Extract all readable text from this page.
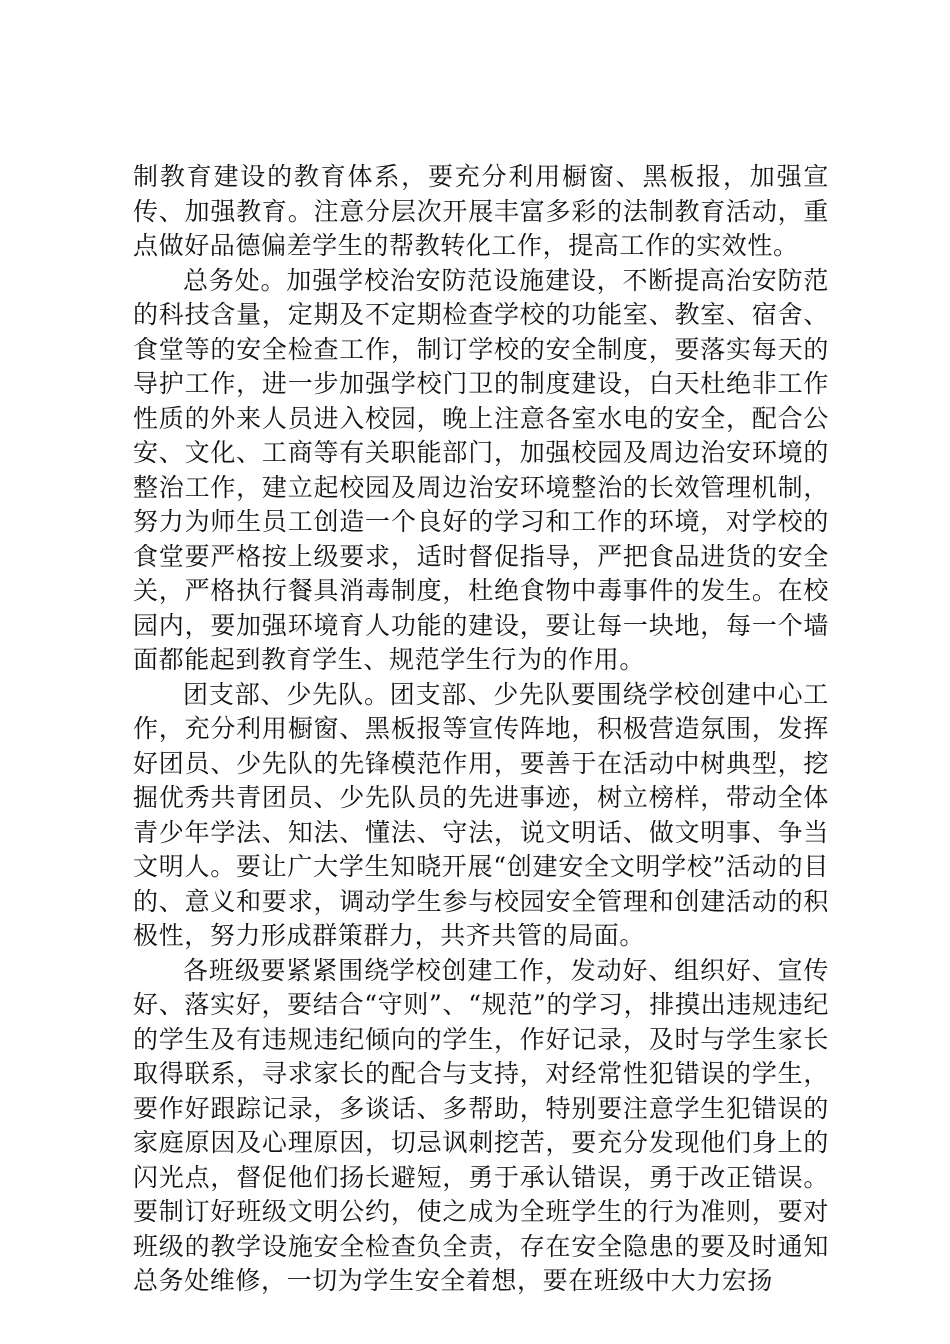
制教育建设的教育体系，要充分利用橱窗、黑板报，加强宣传、加强教育。注意分层次开展丰富多彩的法制教育活动，重点做好品德偏差学生的帮教转化工作，提高工作的实效性。

总务处。加强学校治安防范设施建设，不断提高治安防范的科技含量，定期及不定期检查学校的功能室、教室、宿舍、食堂等的安全检查工作，制订学校的安全制度，要落实每天的导护工作，进一步加强学校门卫的制度建设，白天杜绝非工作性质的外来人员进入校园，晚上注意各室水电的安全，配合公安、文化、工商等有关职能部门，加强校园及周边治安环境的整治工作，建立起校园及周边治安环境整治的长效管理机制，努力为师生员工创造一个良好的学习和工作的环境，对学校的食堂要严格按上级要求，适时督促指导，严把食品进货的安全关，严格执行餐具消毒制度，杜绝食物中毒事件的发生。在校园内，要加强环境育人功能的建设，要让每一块地，每一个墙面都能起到教育学生、规范学生行为的作用。

团支部、少先队。团支部、少先队要围绕学校创建中心工作，充分利用橱窗、黑板报等宣传阵地，积极营造氛围，发挥好团员、少先队的先锋模范作用，要善于在活动中树典型，挖掘优秀共青团员、少先队员的先进事迹，树立榜样，带动全体青少年学法、知法、懂法、守法，说文明话、做文明事、争当文明人。要让广大学生知晓开展“创建安全文明学校”活动的目的、意义和要求，调动学生参与校园安全管理和创建活动的积极性，努力形成群策群力，共齐共管的局面。

各班级要紧紧围绕学校创建工作，发动好、组织好、宣传好、落实好，要结合“守则”、“规范”的学习，排摸出违规违纪的学生及有违规违纪倾向的学生，作好记录，及时与学生家长取得联系，寻求家长的配合与支持，对经常性犯错误的学生，要作好跟踪记录，多谈话、多帮助，特别要注意学生犯错误的家庭原因及心理原因，切忌讽刺挖苦，要充分发现他们身上的闪光点，督促他们扬长避短，勇于承认错误，勇于改正错误。要制订好班级文明公约，使之成为全班学生的行为准则，要对班级的教学设施安全检查负全责，存在安全隐患的要及时通知总务处维修，一切为学生安全着想，要在班级中大力宏扬
